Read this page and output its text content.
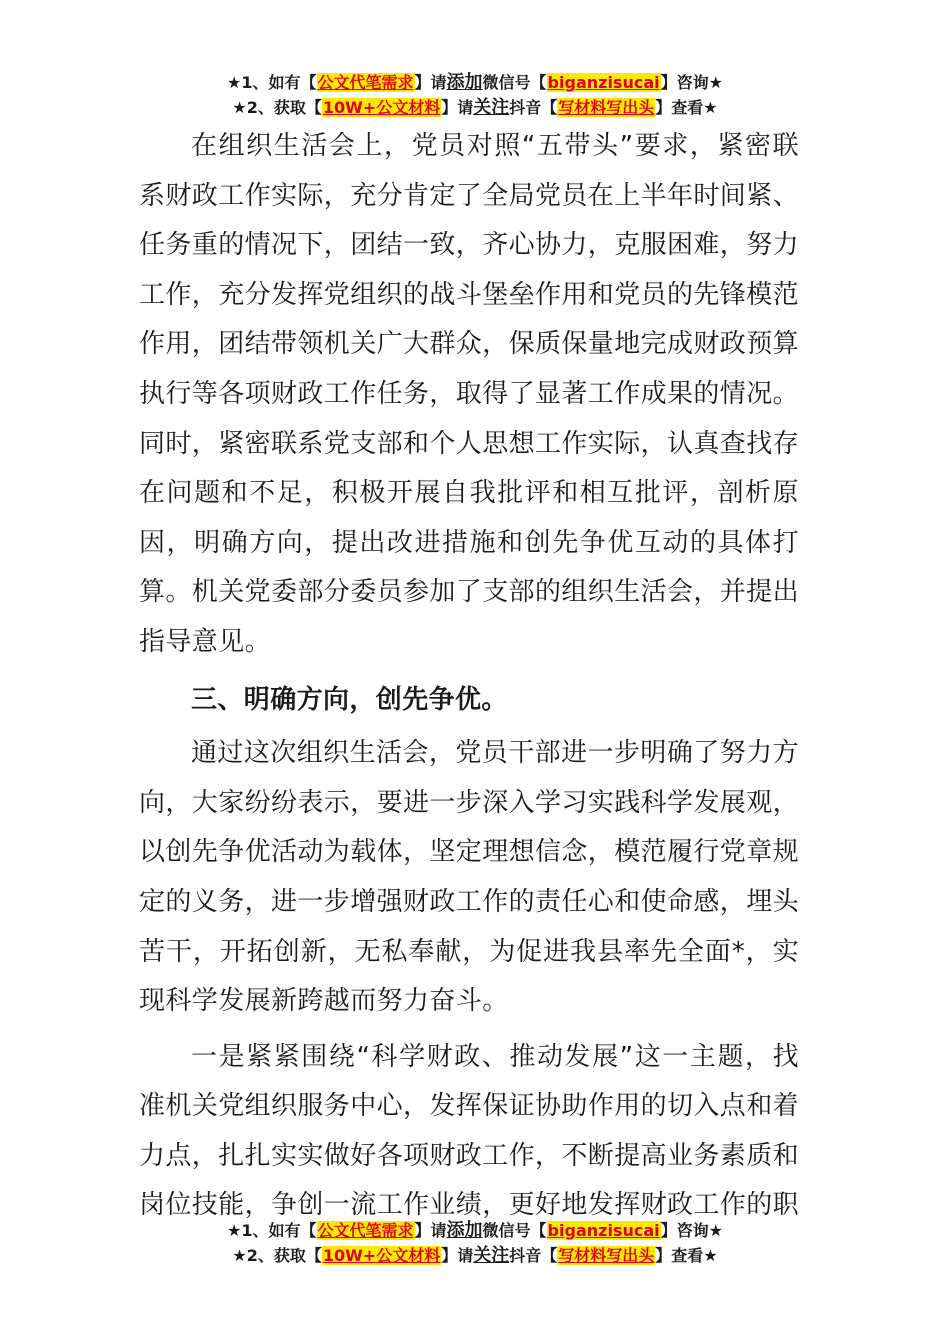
★1、如有【公文代笔需求】请添加微信号【biganzisucai】咨询★
★2、获取【10W+公文材料】请关注抖音【写材料写出头】查看★

在组织生活会上，党员对照“五带头”要求，紧密联系财政工作实际，充分肯定了全局党员在上半年时间紧、任务重的情况下，团结一致，齐心协力，克服困难，努力工作，充分发挥党组织的战斗堡垒作用和党员的先锋模范作用，团结带领机关广大群众，保质保量地完成财政预算执行等各项财政工作任务，取得了显著工作成果的情况。

同时，紧密联系党支部和个人思想工作实际，认真查找存在问题和不足，积极开展自我批评和相互批评，剖析原因，明确方向，提出改进措施和创先争优互动的具体打算。机关党委部分委员参加了支部的组织生活会，并提出指导意见。

三、明确方向，创先争优。

通过这次组织生活会，党员干部进一步明确了努力方向，大家纷纷表示，要进一步深入学习实践科学发展观，以创先争优活动为载体，坚定理想信念，模范履行党章规定的义务，进一步增强财政工作的责任心和使命感，埋头苦干，开拓创新，无私奉献，为促进我县率先全面*，实现科学发展新跨越而努力奋斗。

一是紧紧围绕“科学财政、推动发展”这一主题，找准机关党组织服务中心，发挥保证协助作用的切入点和着力点，扎扎实实做好各项财政工作，不断提高业务素质和岗位技能，争创一流工作业绩，更好地发挥财政工作的职

★1、如有【公文代笔需求】请添加微信号【biganzisucai】咨询★
★2、获取【10W+公文材料】请关注抖音【写材料写出头】查看★
